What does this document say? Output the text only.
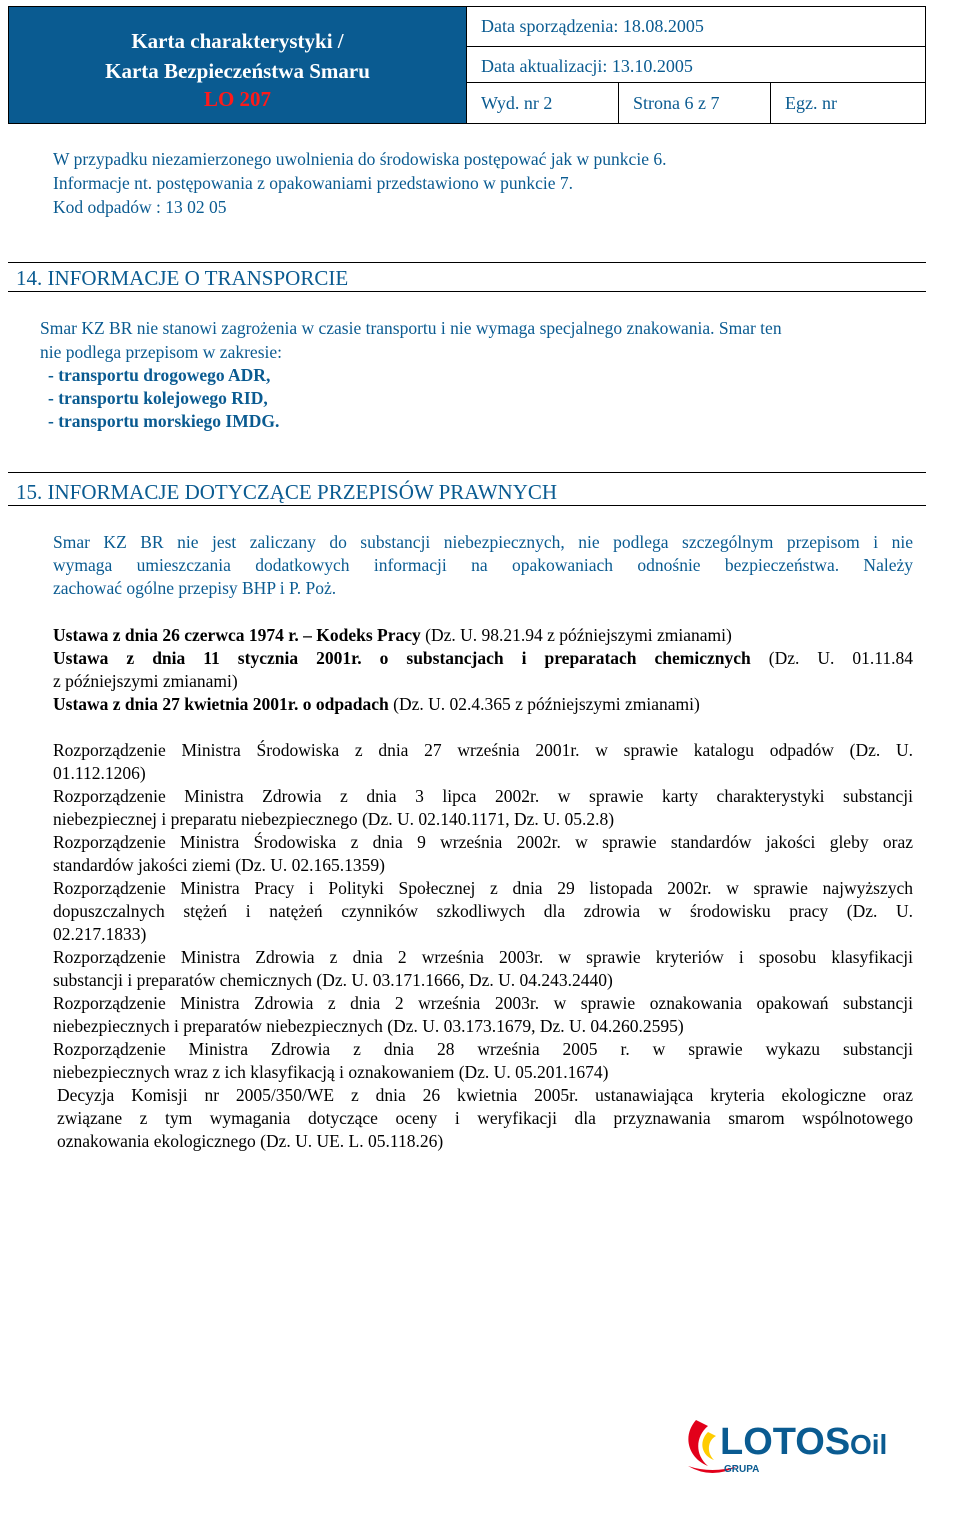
Karta charakterystyki /
Karta Bezpieczeństwa Smaru
LO 207
Data sporządzenia: 18.08.2005
Data aktualizacji: 13.10.2005
Wyd. nr 2	Strona 6 z 7	Egz. nr
W przypadku niezamierzonego uwolnienia do środowiska postępować jak w punkcie 6.
Informacje nt. postępowania z opakowaniami przedstawiono w punkcie 7.
Kod odpadów : 13 02 05
14. INFORMACJE O TRANSPORCIE
Smar KZ BR nie stanowi zagrożenia w czasie transportu i nie wymaga specjalnego znakowania. Smar ten
nie podlega przepisom w zakresie:
- transportu drogowego ADR,
- transportu kolejowego RID,
- transportu morskiego IMDG.
15. INFORMACJE DOTYCZĄCE PRZEPISÓW PRAWNYCH
Smar KZ BR nie jest zaliczany do substancji niebezpiecznych, nie podlega szczególnym przepisom i nie
wymaga umieszczania dodatkowych informacji na opakowaniach odnośnie bezpieczeństwa. Należy
zachować ogólne przepisy BHP i P. Poż.
Ustawa z dnia 26 czerwca 1974 r. – Kodeks Pracy (Dz. U. 98.21.94 z późniejszymi zmianami)
Ustawa z dnia 11 stycznia 2001r. o substancjach i preparatach chemicznych (Dz. U. 01.11.84
z późniejszymi zmianami)
Ustawa z dnia 27 kwietnia 2001r. o odpadach (Dz. U. 02.4.365 z późniejszymi zmianami)
Rozporządzenie Ministra Środowiska z dnia 27 września 2001r. w sprawie katalogu odpadów (Dz. U.
01.112.1206)
Rozporządzenie Ministra Zdrowia z dnia 3 lipca 2002r. w sprawie karty charakterystyki substancji
niebezpiecznej i preparatu niebezpiecznego (Dz. U. 02.140.1171, Dz. U. 05.2.8)
Rozporządzenie Ministra Środowiska z dnia 9 września 2002r. w sprawie standardów jakości gleby oraz
standardów jakości ziemi (Dz. U. 02.165.1359)
Rozporządzenie Ministra Pracy i Polityki Społecznej z dnia 29 listopada 2002r. w sprawie najwyższych
dopuszczalnych stężeń i natężeń czynników szkodliwych dla zdrowia w środowisku pracy (Dz. U.
02.217.1833)
Rozporządzenie Ministra Zdrowia z dnia 2 września 2003r. w sprawie kryteriów i sposobu klasyfikacji
substancji i preparatów chemicznych (Dz. U. 03.171.1666, Dz. U. 04.243.2440)
Rozporządzenie Ministra Zdrowia z dnia 2 września 2003r. w sprawie oznakowania opakowań substancji
niebezpiecznych i preparatów niebezpiecznych (Dz. U. 03.173.1679, Dz. U. 04.260.2595)
Rozporządzenie Ministra Zdrowia z dnia 28 września 2005 r. w sprawie wykazu substancji
niebezpiecznych wraz z ich klasyfikacją i oznakowaniem (Dz. U. 05.201.1674)
Decyzja Komisji nr 2005/350/WE z dnia 26 kwietnia 2005r. ustanawiająca kryteria ekologiczne oraz
związane z tym wymagania dotyczące oceny i weryfikacji dla przyznawania smarom wspólnotowego
oznakowania ekologicznego (Dz. U. UE. L. 05.118.26)
LOTOS Oil
GRUPA
